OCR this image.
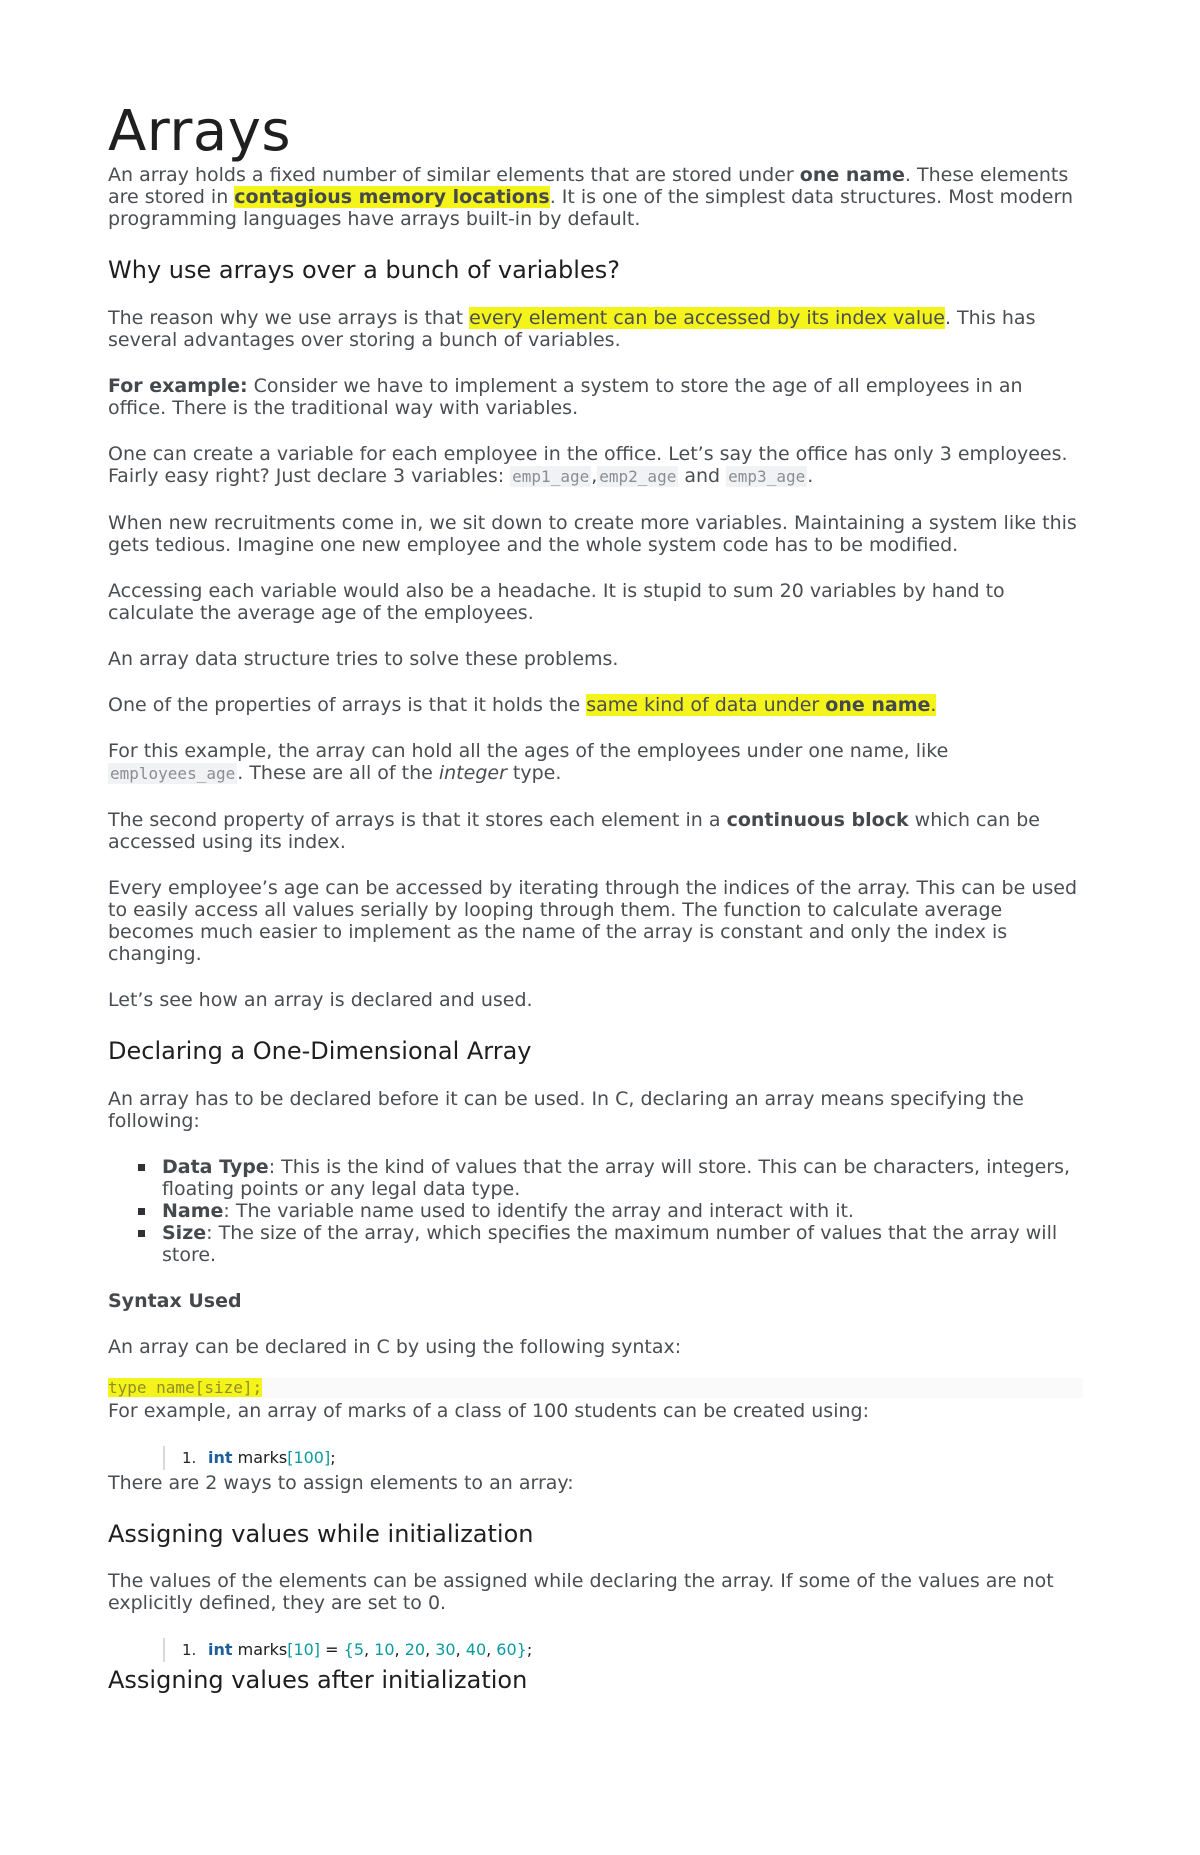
Arrays

An array holds a fixed number of similar elements that are stored under one name. These elements are stored in contagious memory locations. It is one of the simplest data structures. Most modern programming languages have arrays built-in by default.

Why use arrays over a bunch of variables?

The reason why we use arrays is that every element can be accessed by its index value. This has several advantages over storing a bunch of variables.

For example: Consider we have to implement a system to store the age of all employees in an office. There is the traditional way with variables.

One can create a variable for each employee in the office. Let’s say the office has only 3 employees. Fairly easy right? Just declare 3 variables: emp1_age , emp2_age and emp3_age .

When new recruitments come in, we sit down to create more variables. Maintaining a system like this gets tedious. Imagine one new employee and the whole system code has to be modified.

Accessing each variable would also be a headache. It is stupid to sum 20 variables by hand to calculate the average age of the employees.

An array data structure tries to solve these problems.

One of the properties of arrays is that it holds the same kind of data under one name.

For this example, the array can hold all the ages of the employees under one name, like employees_age . These are all of the integer type.

The second property of arrays is that it stores each element in a continuous block which can be accessed using its index.

Every employee’s age can be accessed by iterating through the indices of the array. This can be used to easily access all values serially by looping through them. The function to calculate average becomes much easier to implement as the name of the array is constant and only the index is changing.

Let’s see how an array is declared and used.

Declaring a One-Dimensional Array

An array has to be declared before it can be used. In C, declaring an array means specifying the following:

Data Type: This is the kind of values that the array will store. This can be characters, integers, floating points or any legal data type.
Name: The variable name used to identify the array and interact with it.
Size: The size of the array, which specifies the maximum number of values that the array will store.
Syntax Used

An array can be declared in C by using the following syntax:

type name[size];

For example, an array of marks of a class of 100 students can be created using:

1. int marks[100];

There are 2 ways to assign elements to an array:

Assigning values while initialization

The values of the elements can be assigned while declaring the array. If some of the values are not explicitly defined, they are set to 0.

1. int marks[10] = {5, 10, 20, 30, 40, 60};
Assigning values after initialization
